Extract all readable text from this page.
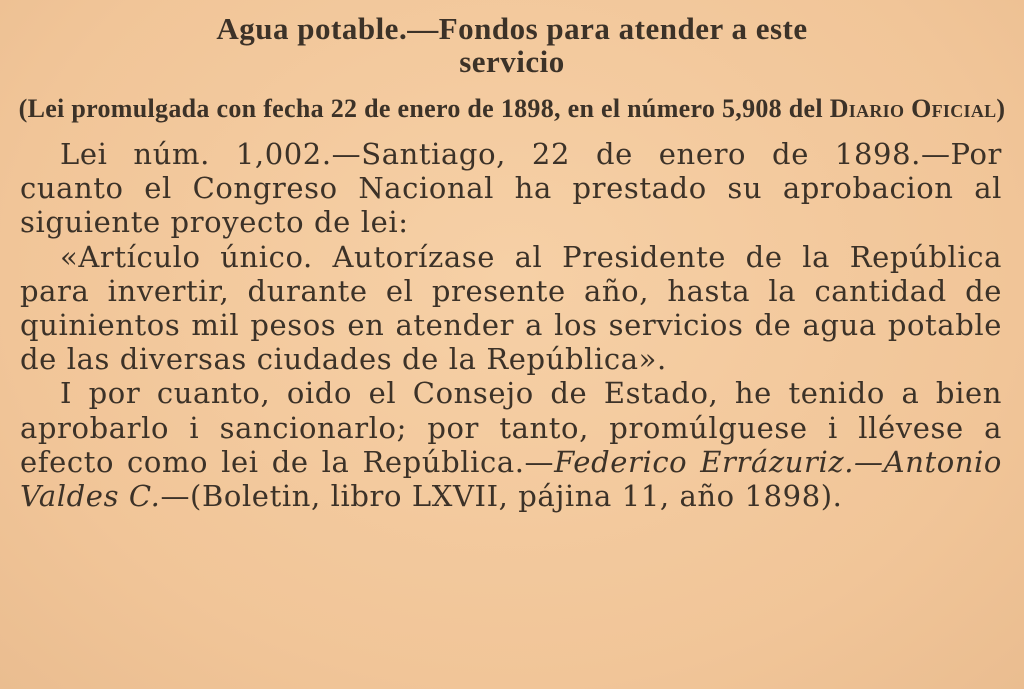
Agua potable.—Fondos para atender a este
servicio
(Lei promulgada con fecha 22 de enero de 1898, en el número 5,908 del Diario Oficial)

Lei núm. 1,002.—Santiago, 22 de enero de 1898.—Por cuanto el Congreso Nacional ha prestado su aprobacion al siguiente proyecto de lei:

«Artículo único. Autorízase al Presidente de la República para invertir, durante el presente año, hasta la cantidad de quinientos mil pesos en atender a los servicios de agua potable de las diversas ciudades de la República».

I por cuanto, oido el Consejo de Estado, he tenido a bien aprobarlo i sancionarlo; por tanto, promúlguese i llévese a efecto como lei de la República.—Federico Errázuriz.—Antonio Valdes C.—(Boletin, libro LXVII, pájina 11, año 1898).
